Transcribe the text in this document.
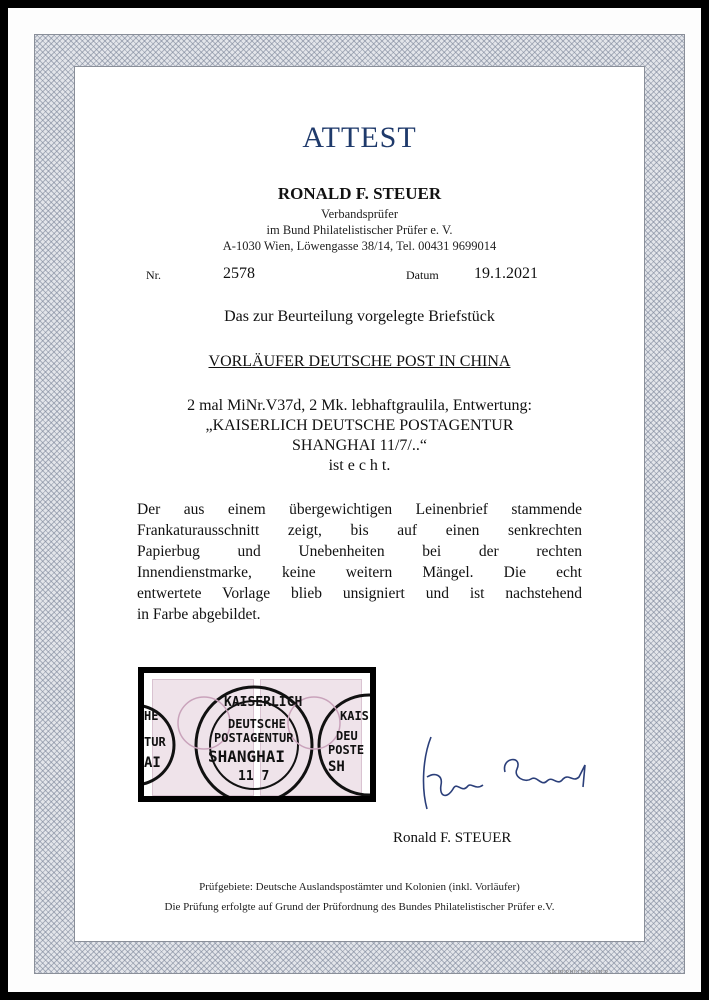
ATTEST
RONALD F. STEUER
Verbandsprüfer
im Bund Philatelistischer Prüfer e. V.
A-1030 Wien, Löwengasse 38/14, Tel. 00431 9699014
Nr.	2578	Datum 19.1.2021
Das zur Beurteilung vorgelegte Briefstück
VORLÄUFER DEUTSCHE POST IN CHINA
2 mal MiNr.V37d, 2 Mk. lebhaftgraulila, Entwertung:
„KAISERLICH DEUTSCHE POSTAGENTUR
SHANGHAI 11/7/..“
ist e c h t.
Der aus einem übergewichtigen Leinenbrief stammende
Frankaturausschnitt zeigt, bis auf einen senkrechten
Papierbug und Unebenheiten bei der rechten
Innendienstmarke, keine weitern Mängel. Die echt
entwertete Vorlage blieb unsigniert und ist nachstehend
in Farbe abgebildet.
KAISERLICH
DEUTSCHE
POSTAGENTUR
SHANGHAI
11 7
HE
TUR
AI
KAIS
DEU
POSTE
SH
Steuer Ronald
Ronald F. STEUER
Prüfgebiete: Deutsche Auslandspostämter und Kolonien (inkl. Vorläufer)
Die Prüfung erfolgte auf Grund der Prüfordnung des Bundes Philatelistischer Prüfer e.V.
SICHERHEITS-PAPIER
